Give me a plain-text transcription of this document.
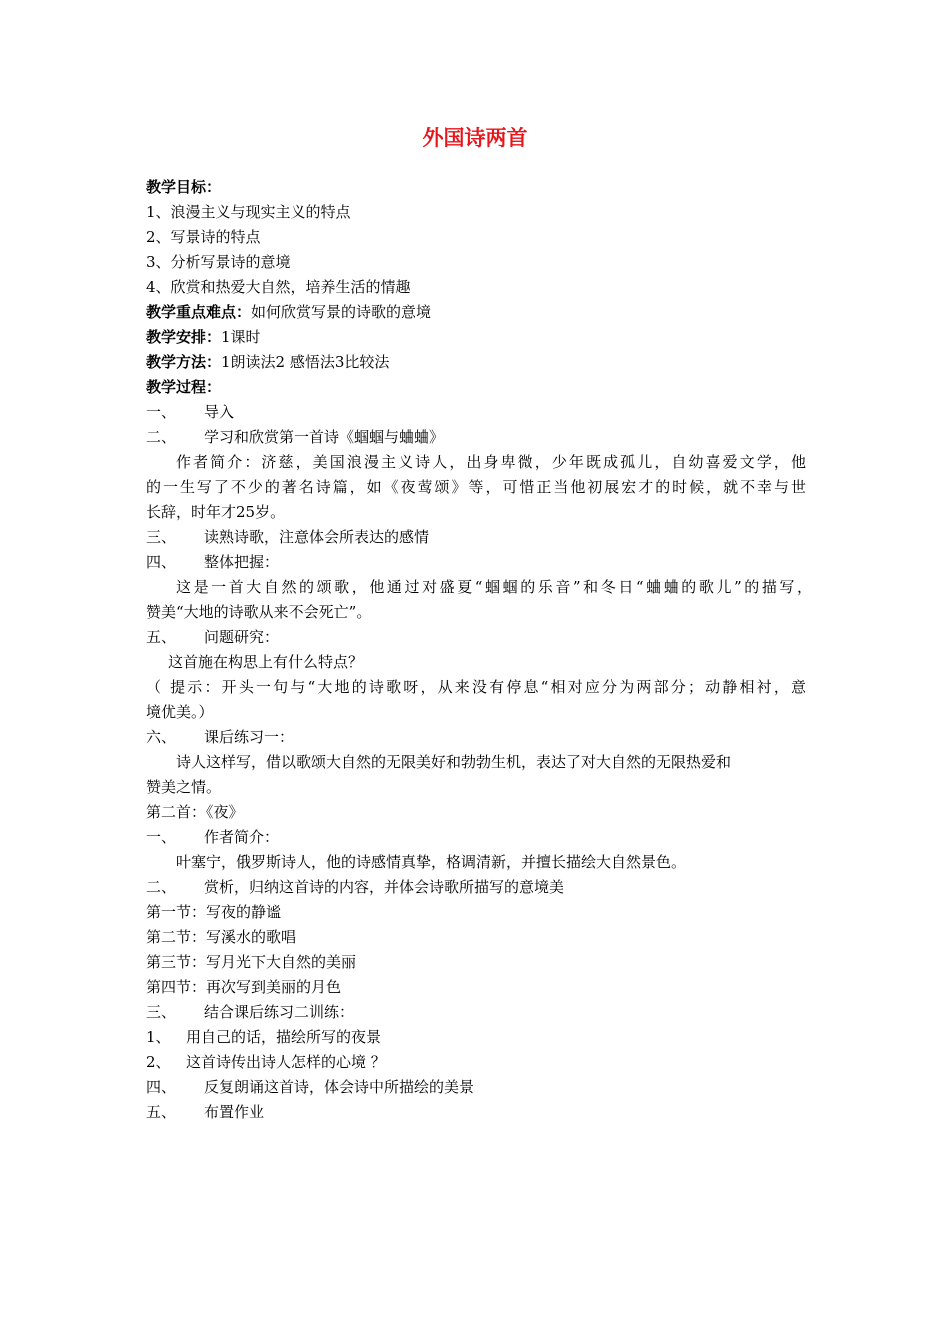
外国诗两首
教学目标：
1、浪漫主义与现实主义的特点
2、写景诗的特点
3、分析写景诗的意境
4、欣赏和热爱大自然，培养生活的情趣
教学重点难点：如何欣赏写景的诗歌的意境
教学安排：1课时
教学方法：1朗读法2 感悟法3比较法
教学过程：
一、 导入
二、 学习和欣赏第一首诗《蝈蝈与蛐蛐》
作者简介：济慈，美国浪漫主义诗人，出身卑微，少年既成孤儿，自幼喜爱文学，他
的一生写了不少的著名诗篇，如《夜莺颂》等，可惜正当他初展宏才的时候，就不幸与世
长辞，时年才25岁。
三、 读熟诗歌，注意体会所表达的感情
四、 整体把握：
这是一首大自然的颂歌，他通过对盛夏“蝈蝈的乐音”和冬日“蛐蛐的歌儿”的描写，
赞美“大地的诗歌从来不会死亡”。
五、 问题研究：
这首施在构思上有什么特点？
（ 提示：开头一句与“大地的诗歌呀，从来没有停息“相对应分为两部分；动静相衬，意
境优美。）
六、 课后练习一：
诗人这样写，借以歌颂大自然的无限美好和勃勃生机，表达了对大自然的无限热爱和
赞美之情。
第二首：《夜》
一、 作者简介：
叶塞宁，俄罗斯诗人，他的诗感情真挚，格调清新，并擅长描绘大自然景色。
二、 赏析，归纳这首诗的内容，并体会诗歌所描写的意境美
第一节：写夜的静谧
第二节：写溪水的歌唱
第三节：写月光下大自然的美丽
第四节：再次写到美丽的月色
三、 结合课后练习二训练：
1、 用自己的话，描绘所写的夜景
2、 这首诗传出诗人怎样的心境 ？
四、 反复朗诵这首诗，体会诗中所描绘的美景
五、 布置作业
